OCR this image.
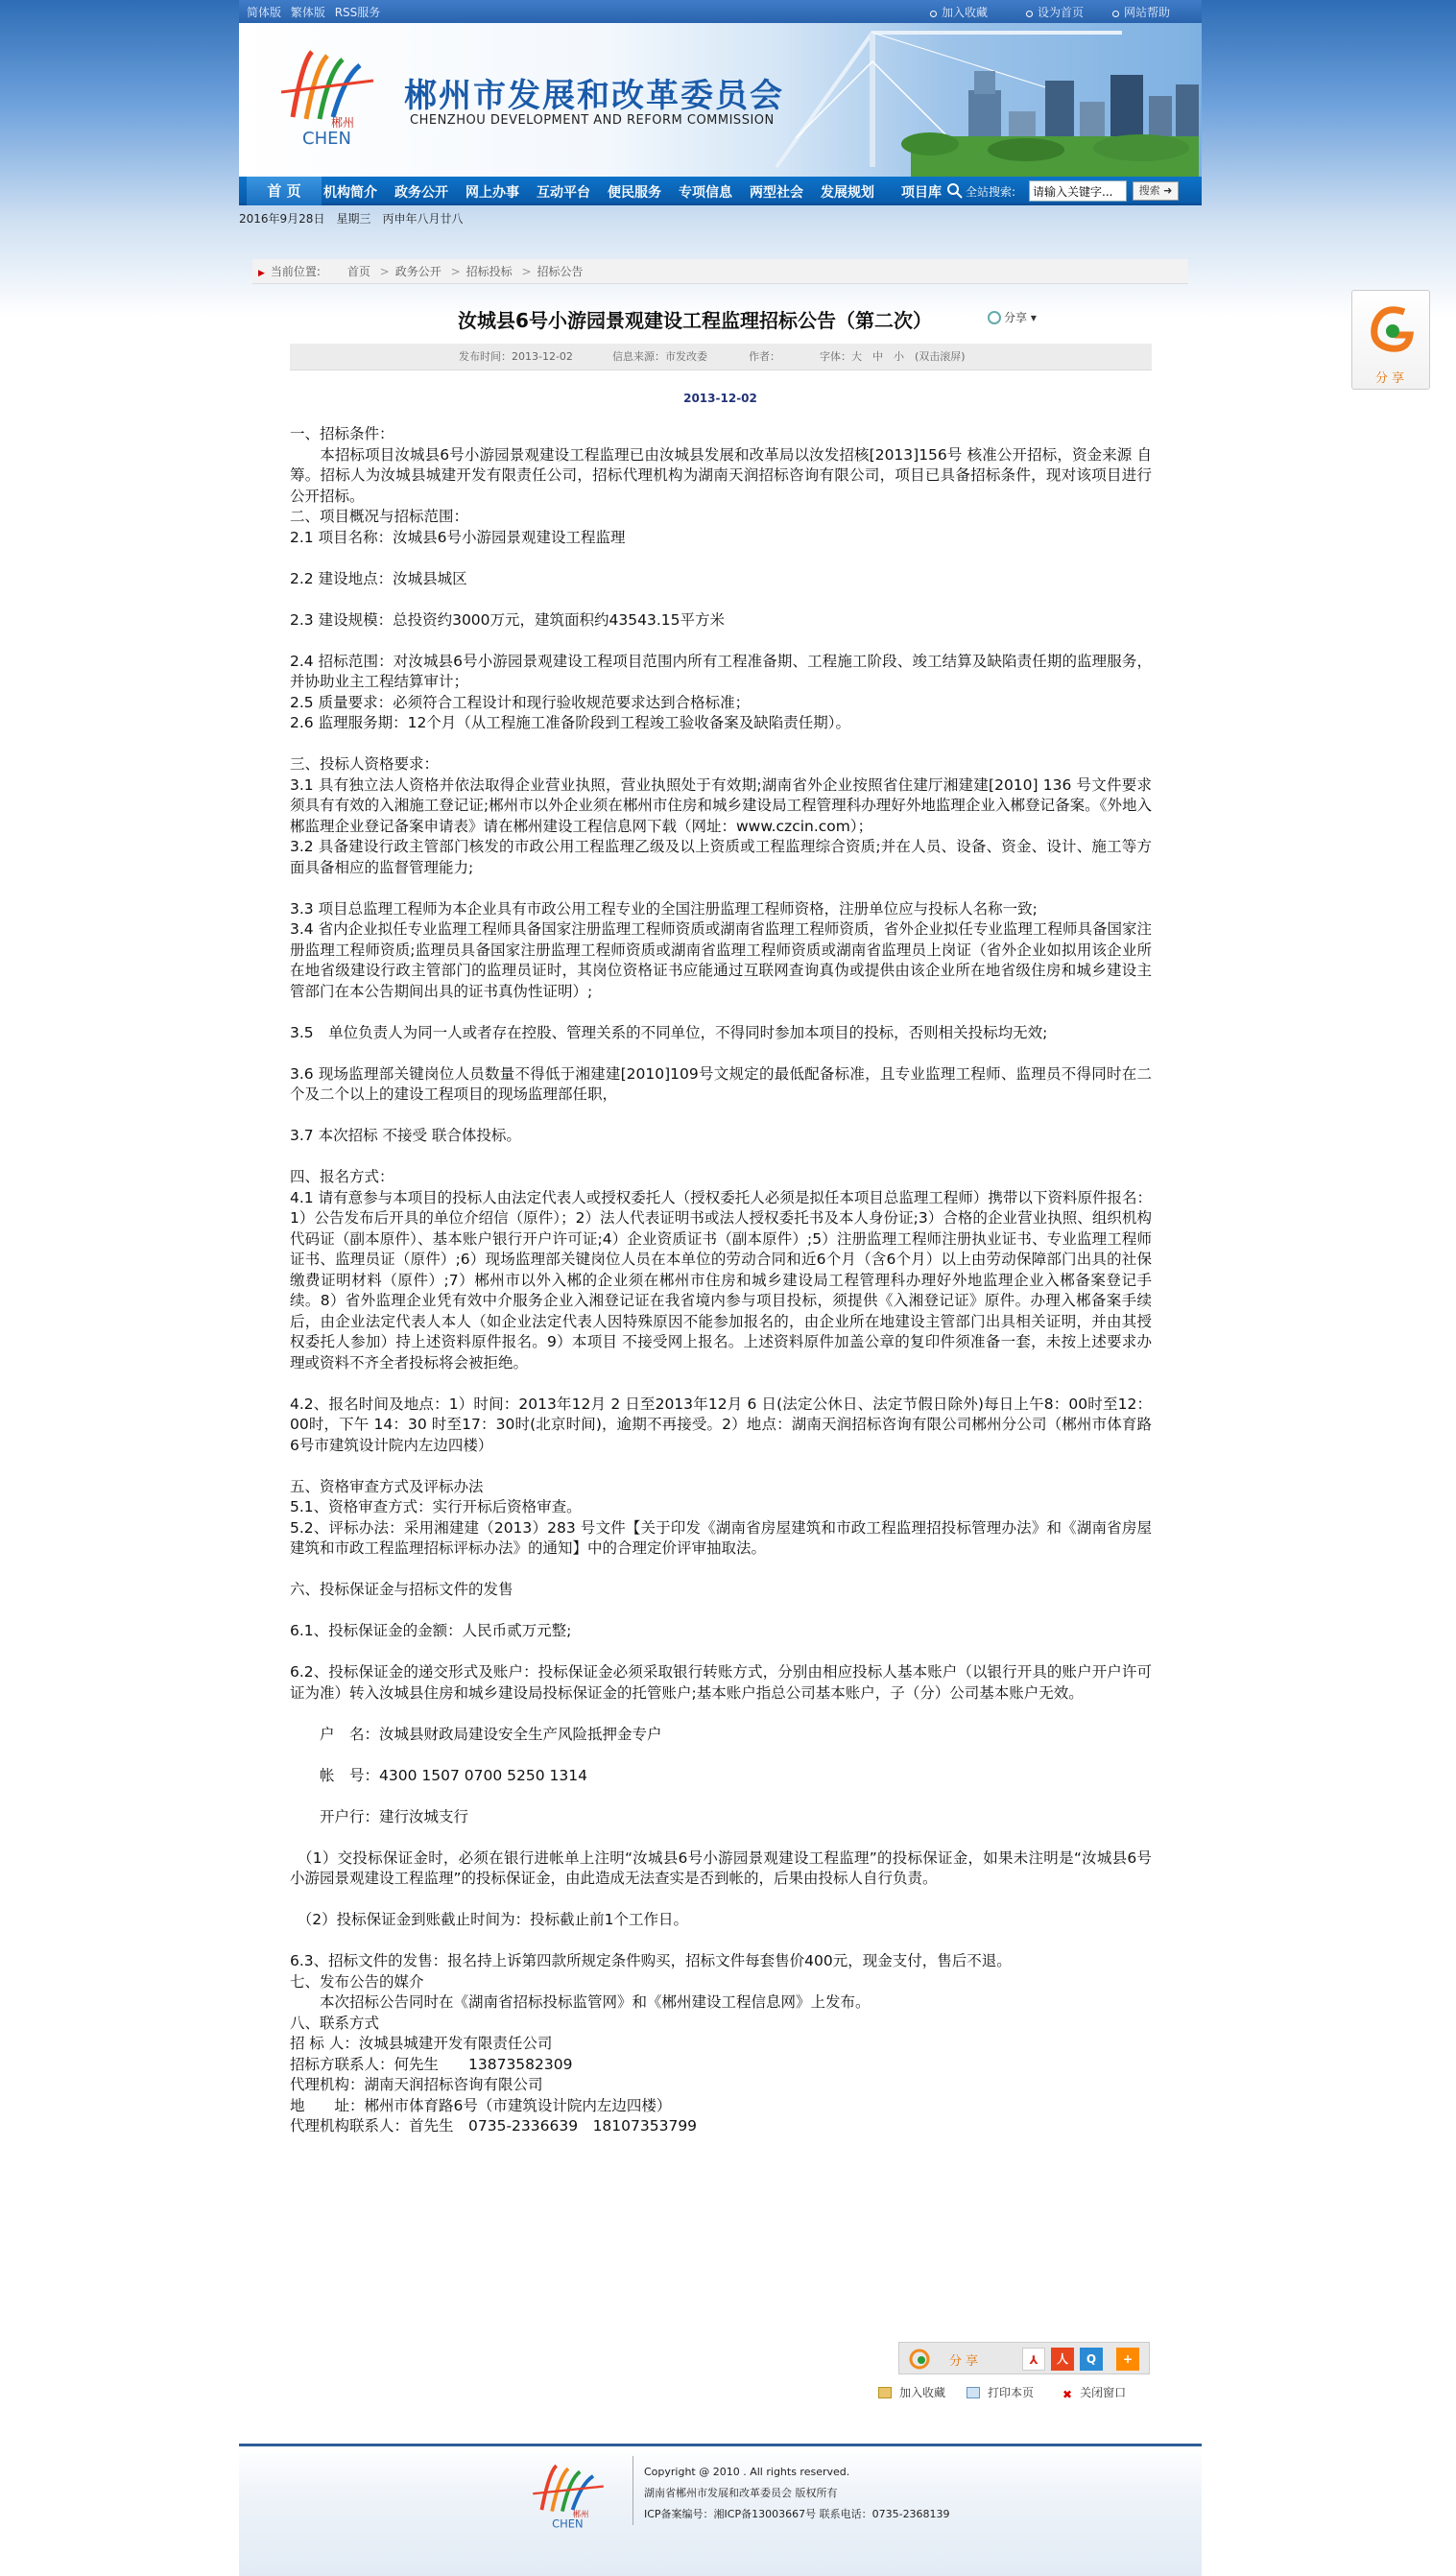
简体版 繁体版 RSS服务	加入收藏	设为首页	网站帮助
郴州
CHEN
郴州市发展和改革委员会
CHENZHOU DEVELOPMENT AND REFORM COMMISSION
首 页	机构简介 政务公开 网上办事 互动平台 便民服务 专项信息 两型社会 发展规划 项目库 全站搜索:
请输入关键字...	搜索 ➜
2016年9月28日　星期三　丙申年八月廿八
▶ 当前位置: 　 首页 > 政务公开 > 招标投标 > 招标公告
汝城县6号小游园景观建设工程监理招标公告（第二次）	分享 ▾
发布时间：2013-12-02	信息来源：市发改委	作者：	字体：大　中　小　(双击滚屏)
2013-12-02

一、招标条件：

　　本招标项目汝城县6号小游园景观建设工程监理已由汝城县发展和改革局以汝发招核[2013]156号 核准公开招标，资金来源 自筹。招标人为汝城县城建开发有限责任公司，招标代理机构为湖南天润招标咨询有限公司，项目已具备招标条件，现对该项目进行公开招标。

二、项目概况与招标范围：

2.1 项目名称：汝城县6号小游园景观建设工程监理

2.2 建设地点：汝城县城区

2.3 建设规模：总投资约3000万元，建筑面积约43543.15平方米

2.4 招标范围：对汝城县6号小游园景观建设工程项目范围内所有工程准备期、工程施工阶段、竣工结算及缺陷责任期的监理服务，并协助业主工程结算审计；

2.5 质量要求：必须符合工程设计和现行验收规范要求达到合格标准；

2.6 监理服务期：12个月（从工程施工准备阶段到工程竣工验收备案及缺陷责任期）。

三、投标人资格要求：

3.1 具有独立法人资格并依法取得企业营业执照，营业执照处于有效期;湖南省外企业按照省住建厅湘建建[2010] 136 号文件要求须具有有效的入湘施工登记证;郴州市以外企业须在郴州市住房和城乡建设局工程管理科办理好外地监理企业入郴登记备案。《外地入郴监理企业登记备案申请表》请在郴州建设工程信息网下载（网址：www.czcin.com）；

3.2 具备建设行政主管部门核发的市政公用工程监理乙级及以上资质或工程监理综合资质;并在人员、设备、资金、设计、施工等方面具备相应的监督管理能力;

3.3 项目总监理工程师为本企业具有市政公用工程专业的全国注册监理工程师资格，注册单位应与投标人名称一致;

3.4 省内企业拟任专业监理工程师具备国家注册监理工程师资质或湖南省监理工程师资质，省外企业拟任专业监理工程师具备国家注册监理工程师资质;监理员具备国家注册监理工程师资质或湖南省监理工程师资质或湖南省监理员上岗证（省外企业如拟用该企业所在地省级建设行政主管部门的监理员证时，其岗位资格证书应能通过互联网查询真伪或提供由该企业所在地省级住房和城乡建设主管部门在本公告期间出具的证书真伪性证明）;

3.5　单位负责人为同一人或者存在控股、管理关系的不同单位，不得同时参加本项目的投标，否则相关投标均无效;

3.6 现场监理部关键岗位人员数量不得低于湘建建[2010]109号文规定的最低配备标准，且专业监理工程师、监理员不得同时在二个及二个以上的建设工程项目的现场监理部任职，

3.7 本次招标 不接受 联合体投标。

四、报名方式：

4.1 请有意参与本项目的投标人由法定代表人或授权委托人（授权委托人必须是拟任本项目总监理工程师）携带以下资料原件报名：1）公告发布后开具的单位介绍信（原件）；2）法人代表证明书或法人授权委托书及本人身份证;3）合格的企业营业执照、组织机构代码证（副本原件）、基本账户银行开户许可证;4）企业资质证书（副本原件）;5）注册监理工程师注册执业证书、专业监理工程师证书、监理员证（原件）;6）现场监理部关键岗位人员在本单位的劳动合同和近6个月（含6个月）以上由劳动保障部门出具的社保缴费证明材料（原件）;7）郴州市以外入郴的企业须在郴州市住房和城乡建设局工程管理科办理好外地监理企业入郴备案登记手续。8）省外监理企业凭有效中介服务企业入湘登记证在我省境内参与项目投标，须提供《入湘登记证》原件。办理入郴备案手续后，由企业法定代表人本人（如企业法定代表人因特殊原因不能参加报名的，由企业所在地建设主管部门出具相关证明，并由其授权委托人参加）持上述资料原件报名。9）本项目 不接受网上报名。上述资料原件加盖公章的复印件须准备一套，未按上述要求办理或资料不齐全者投标将会被拒绝。

4.2、报名时间及地点：1）时间：2013年12月 2 日至2013年12月 6 日(法定公休日、法定节假日除外)每日上午8：00时至12：00时，下午 14：30 时至17：30时(北京时间)，逾期不再接受。2）地点：湖南天润招标咨询有限公司郴州分公司（郴州市体育路6号市建筑设计院内左边四楼）

五、资格审查方式及评标办法

5.1、资格审查方式：实行开标后资格审查。

5.2、评标办法：采用湘建建（2013）283 号文件【关于印发《湖南省房屋建筑和市政工程监理招投标管理办法》和《湖南省房屋建筑和市政工程监理招标评标办法》的通知】中的合理定价评审抽取法。

六、投标保证金与招标文件的发售

6.1、投标保证金的金额：人民币贰万元整;

6.2、投标保证金的递交形式及账户：投标保证金必须采取银行转账方式，分别由相应投标人基本账户（以银行开具的账户开户许可证为准）转入汝城县住房和城乡建设局投标保证金的托管账户;基本账户指总公司基本账户，子（分）公司基本账户无效。

　　户　名：汝城县财政局建设安全生产风险抵押金专户

　　帐　号：4300 1507 0700 5250 1314

　　开户行：建行汝城支行

　（1）交投标保证金时，必须在银行进帐单上注明“汝城县6号小游园景观建设工程监理”的投标保证金，如果未注明是“汝城县6号小游园景观建设工程监理”的投标保证金，由此造成无法查实是否到帐的，后果由投标人自行负责。

　（2）投标保证金到账截止时间为：投标截止前1个工作日。

6.3、招标文件的发售：报名持上诉第四款所规定条件购买，招标文件每套售价400元，现金支付，售后不退。

七、发布公告的媒介

　　本次招标公告同时在《湖南省招标投标监管网》和《郴州建设工程信息网》上发布。

八、联系方式

招 标 人：汝城县城建开发有限责任公司

招标方联系人：何先生　　13873582309

代理机构：湖南天润招标咨询有限公司

地　　址：郴州市体育路6号（市建筑设计院内左边四楼）

代理机构联系人：首先生　0735-2336639　18107353799

分享	⅄	人	Q	+
加入收藏	打印本页 ✖ 关闭窗口
郴州
CHEN
Copyright @ 2010 . All rights reserved.
湖南省郴州市发展和改革委员会 版权所有
ICP备案编号：湘ICP备13003667号 联系电话：0735-2368139
分享
